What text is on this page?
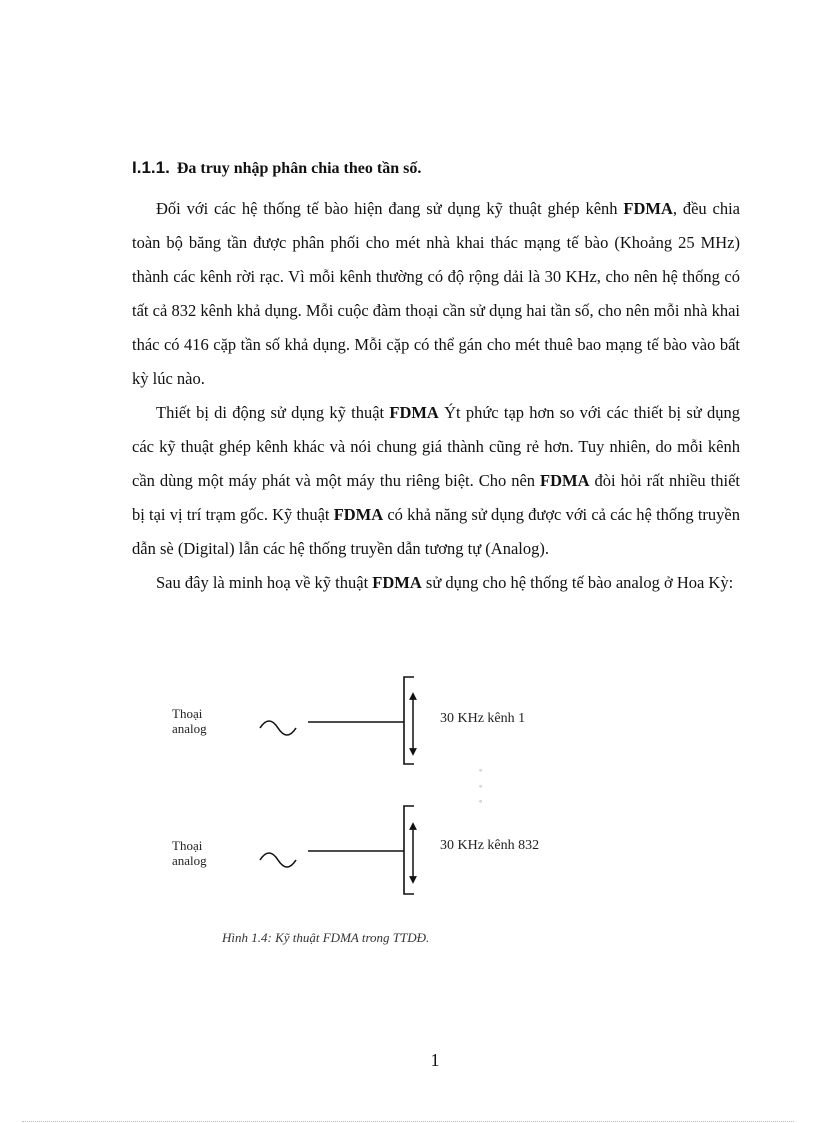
I.1.1. Đa truy nhập phân chia theo tần số.

Đối với các hệ thống tế bào hiện đang sử dụng kỹ thuật ghép kênh FDMA, đều chia toàn bộ băng tần được phân phối cho mét nhà khai thác mạng tế bào (Khoảng 25 MHz) thành các kênh rời rạc. Vì mỗi kênh thường có độ rộng dải là 30 KHz, cho nên hệ thống có tất cả 832 kênh khả dụng. Mỗi cuộc đàm thoại cần sử dụng hai tần số, cho nên mỗi nhà khai thác có 416 cặp tần số khả dụng. Mỗi cặp có thể gán cho mét thuê bao mạng tế bào vào bất kỳ lúc nào.

Thiết bị di động sử dụng kỹ thuật FDMA Ýt phức tạp hơn so với các thiết bị sử dụng các kỹ thuật ghép kênh khác và nói chung giá thành cũng rẻ hơn. Tuy nhiên, do mỗi kênh cần dùng một máy phát và một máy thu riêng biệt. Cho nên FDMA đòi hỏi rất nhiều thiết bị tại vị trí trạm gốc. Kỹ thuật FDMA có khả năng sử dụng được với cả các hệ thống truyền dẫn sè (Digital) lẫn các hệ thống truyền dẫn tương tự (Analog).

Sau đây là minh hoạ về kỹ thuật FDMA sử dụng cho hệ thống tế bào analog ở Hoa Kỳ:

Thoại
analog
30 KHz kênh 1
Thoại
analog
30 KHz kênh 832
◦
◦
◦
Hình 1.4: Kỹ thuật FDMA trong TTDĐ.
1
